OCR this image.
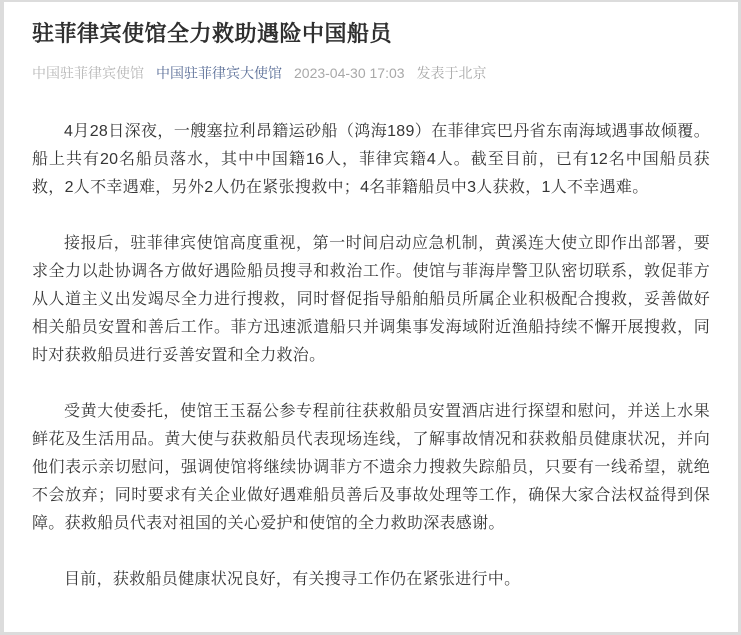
驻菲律宾使馆全力救助遇险中国船员
中国驻菲律宾使馆 中国驻菲律宾大使馆 2023-04-30 17:03 发表于北京

4月28日深夜，一艘塞拉利昂籍运砂船（鸿海189）在菲律宾巴丹省东南海域遇事故倾覆。船上共有20名船员落水，其中中国籍16人，菲律宾籍4人。截至目前，已有12名中国船员获救，2人不幸遇难，另外2人仍在紧张搜救中；4名菲籍船员中3人获救，1人不幸遇难。

接报后，驻菲律宾使馆高度重视，第一时间启动应急机制，黄溪连大使立即作出部署，要求全力以赴协调各方做好遇险船员搜寻和救治工作。使馆与菲海岸警卫队密切联系，敦促菲方从人道主义出发竭尽全力进行搜救，同时督促指导船舶船员所属企业积极配合搜救，妥善做好相关船员安置和善后工作。菲方迅速派遣船只并调集事发海域附近渔船持续不懈开展搜救，同时对获救船员进行妥善安置和全力救治。

受黄大使委托，使馆王玉磊公参专程前往获救船员安置酒店进行探望和慰问，并送上水果鲜花及生活用品。黄大使与获救船员代表现场连线，了解事故情况和获救船员健康状况，并向他们表示亲切慰问，强调使馆将继续协调菲方不遗余力搜救失踪船员，只要有一线希望，就绝不会放弃；同时要求有关企业做好遇难船员善后及事故处理等工作，确保大家合法权益得到保障。获救船员代表对祖国的关心爱护和使馆的全力救助深表感谢。

目前，获救船员健康状况良好，有关搜寻工作仍在紧张进行中。
